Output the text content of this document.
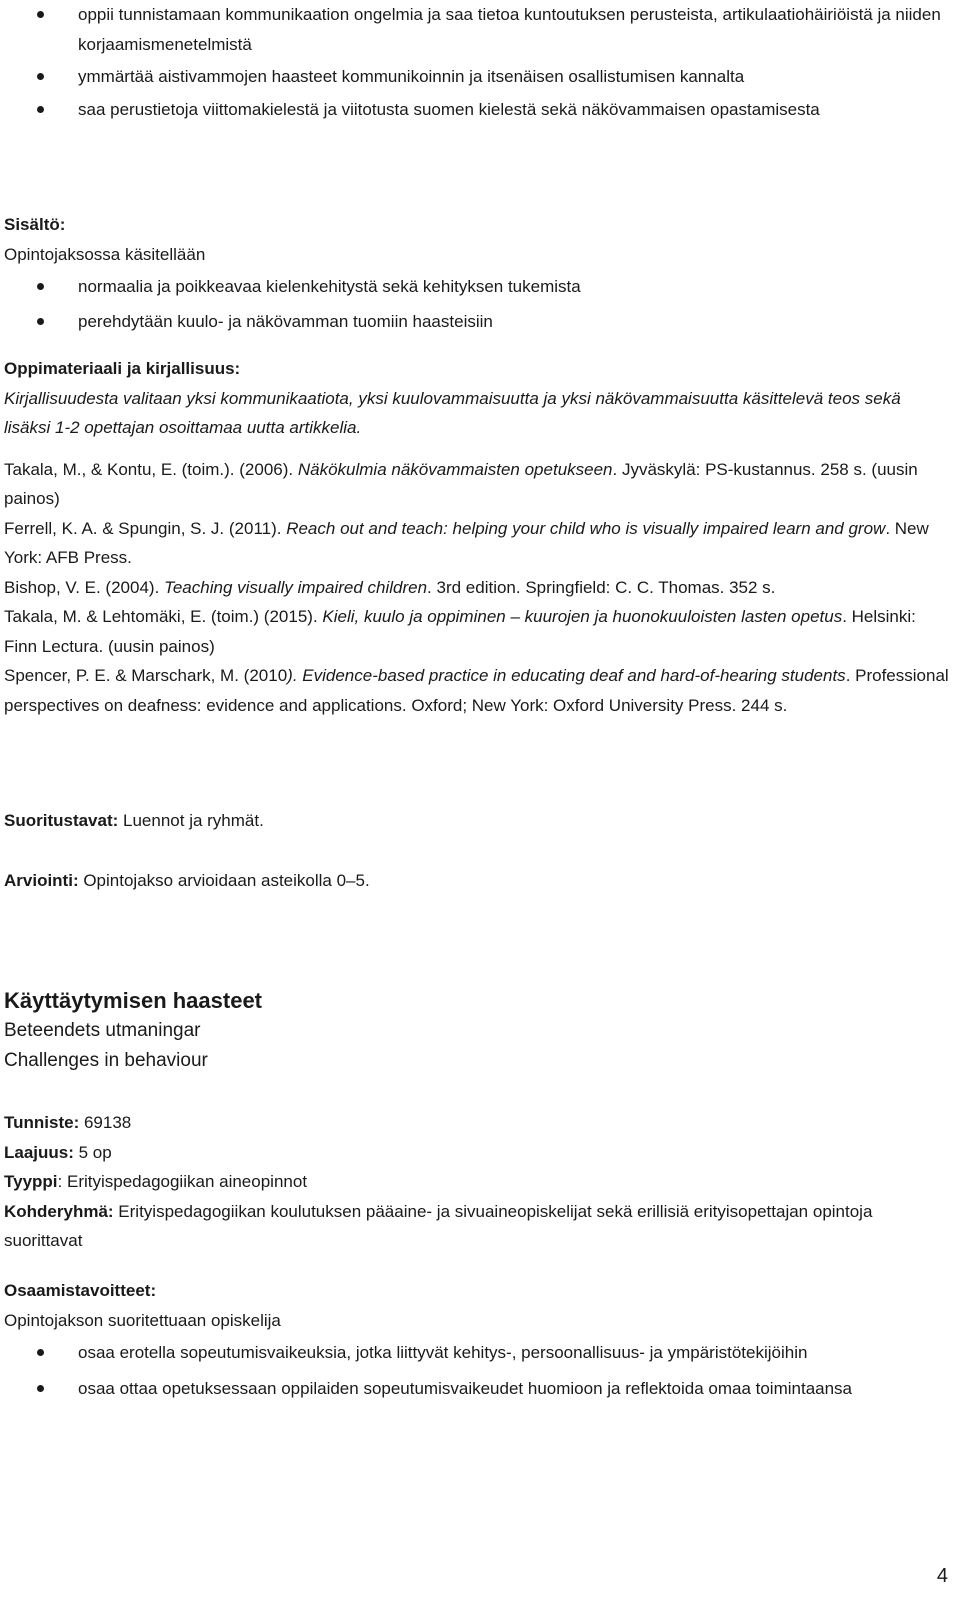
oppii tunnistamaan kommunikaation ongelmia ja saa tietoa kuntoutuksen perusteista, artikulaatiohäiriöistä ja niiden korjaamismenetelmistä
ymmärtää aistivammojen haasteet kommunikoinnin ja itsenäisen osallistumisen kannalta
saa perustietoja viittomakielestä ja viitotusta suomen kielestä sekä näkövammaisen opastamisesta
Sisältö:
Opintojaksossa käsitellään
normaalia ja poikkeavaa kielenkehitystä sekä kehityksen tukemista
perehdytään kuulo- ja näkövamman tuomiin haasteisiin
Oppimateriaali ja kirjallisuus:
Kirjallisuudesta valitaan yksi kommunikaatiota, yksi kuulovammaisuutta ja yksi näkövammaisuutta käsittelevä teos sekä lisäksi 1-2 opettajan osoittamaa uutta artikkelia.

Takala, M., & Kontu, E. (toim.). (2006). Näkökulmia näkövammaisten opetukseen. Jyväskylä: PS-kustannus. 258 s. (uusin painos)

Ferrell, K. A. & Spungin, S. J. (2011). Reach out and teach: helping your child who is visually impaired learn and grow. New York: AFB Press.

Bishop, V. E. (2004). Teaching visually impaired children. 3rd edition. Springfield: C. C. Thomas. 352 s.

Takala, M. & Lehtomäki, E. (toim.) (2015). Kieli, kuulo ja oppiminen – kuurojen ja huonokuuloisten lasten opetus. Helsinki: Finn Lectura. (uusin painos)

Spencer, P. E. & Marschark, M. (2010). Evidence-based practice in educating deaf and hard-of-hearing students. Professional perspectives on deafness: evidence and applications. Oxford; New York: Oxford University Press. 244 s.

Suoritustavat: Luennot ja ryhmät.
Arviointi: Opintojakso arvioidaan asteikolla 0–5.
Käyttäytymisen haasteet
Beteendets utmaningar
Challenges in behaviour
Tunniste: 69138
Laajuus: 5 op
Tyyppi: Erityispedagogiikan aineopinnot
Kohderyhmä: Erityispedagogiikan koulutuksen pääaine- ja sivuaineopiskelijat sekä erillisiä erityisopettajan opintoja suorittavat
Osaamistavoitteet:
Opintojakson suoritettuaan opiskelija
osaa erotella sopeutumisvaikeuksia, jotka liittyvät kehitys-, persoonallisuus- ja ympäristötekijöihin
osaa ottaa opetuksessaan oppilaiden sopeutumisvaikeudet huomioon ja reflektoida omaa toimintaansa
4
